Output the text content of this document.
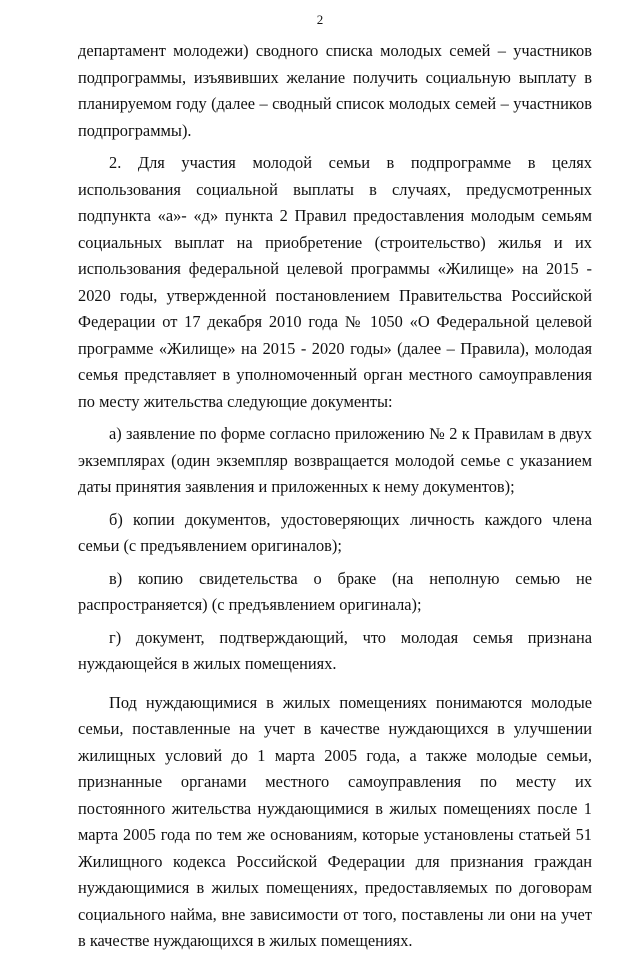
2

департамент молодежи) сводного списка молодых семей – участников подпрограммы, изъявивших желание получить социальную выплату в планируемом году (далее – сводный список молодых семей – участников подпрограммы).

2. Для участия молодой семьи в подпрограмме в целях использования социальной выплаты в случаях, предусмотренных подпункта «а»- «д» пункта 2 Правил предоставления молодым семьям социальных выплат на приобретение (строительство) жилья и их использования федеральной целевой программы «Жилище» на 2015 - 2020 годы, утвержденной постановлением Правительства Российской Федерации от 17 декабря 2010 года № 1050 «О Федеральной целевой программе «Жилище» на 2015 - 2020 годы» (далее – Правила), молодая семья представляет в уполномоченный орган местного самоуправления по месту жительства следующие документы:

а) заявление по форме согласно приложению № 2 к Правилам в двух экземплярах (один экземпляр возвращается молодой семье с указанием даты принятия заявления и приложенных к нему документов);

б) копии документов, удостоверяющих личность каждого члена семьи (с предъявлением оригиналов);

в) копию свидетельства о браке (на неполную семью не распространяется) (с предъявлением оригинала);

г) документ, подтверждающий, что молодая семья признана нуждающейся в жилых помещениях.

Под нуждающимися в жилых помещениях понимаются молодые семьи, поставленные на учет в качестве нуждающихся в улучшении жилищных условий до 1 марта 2005 года, а также молодые семьи, признанные органами местного самоуправления по месту их постоянного жительства нуждающимися в жилых помещениях после 1 марта 2005 года по тем же основаниям, которые установлены статьей 51 Жилищного кодекса Российской Федерации для признания граждан нуждающимися в жилых помещениях, предоставляемых по договорам социального найма, вне зависимости от того, поставлены ли они на учет в качестве нуждающихся в жилых помещениях.
